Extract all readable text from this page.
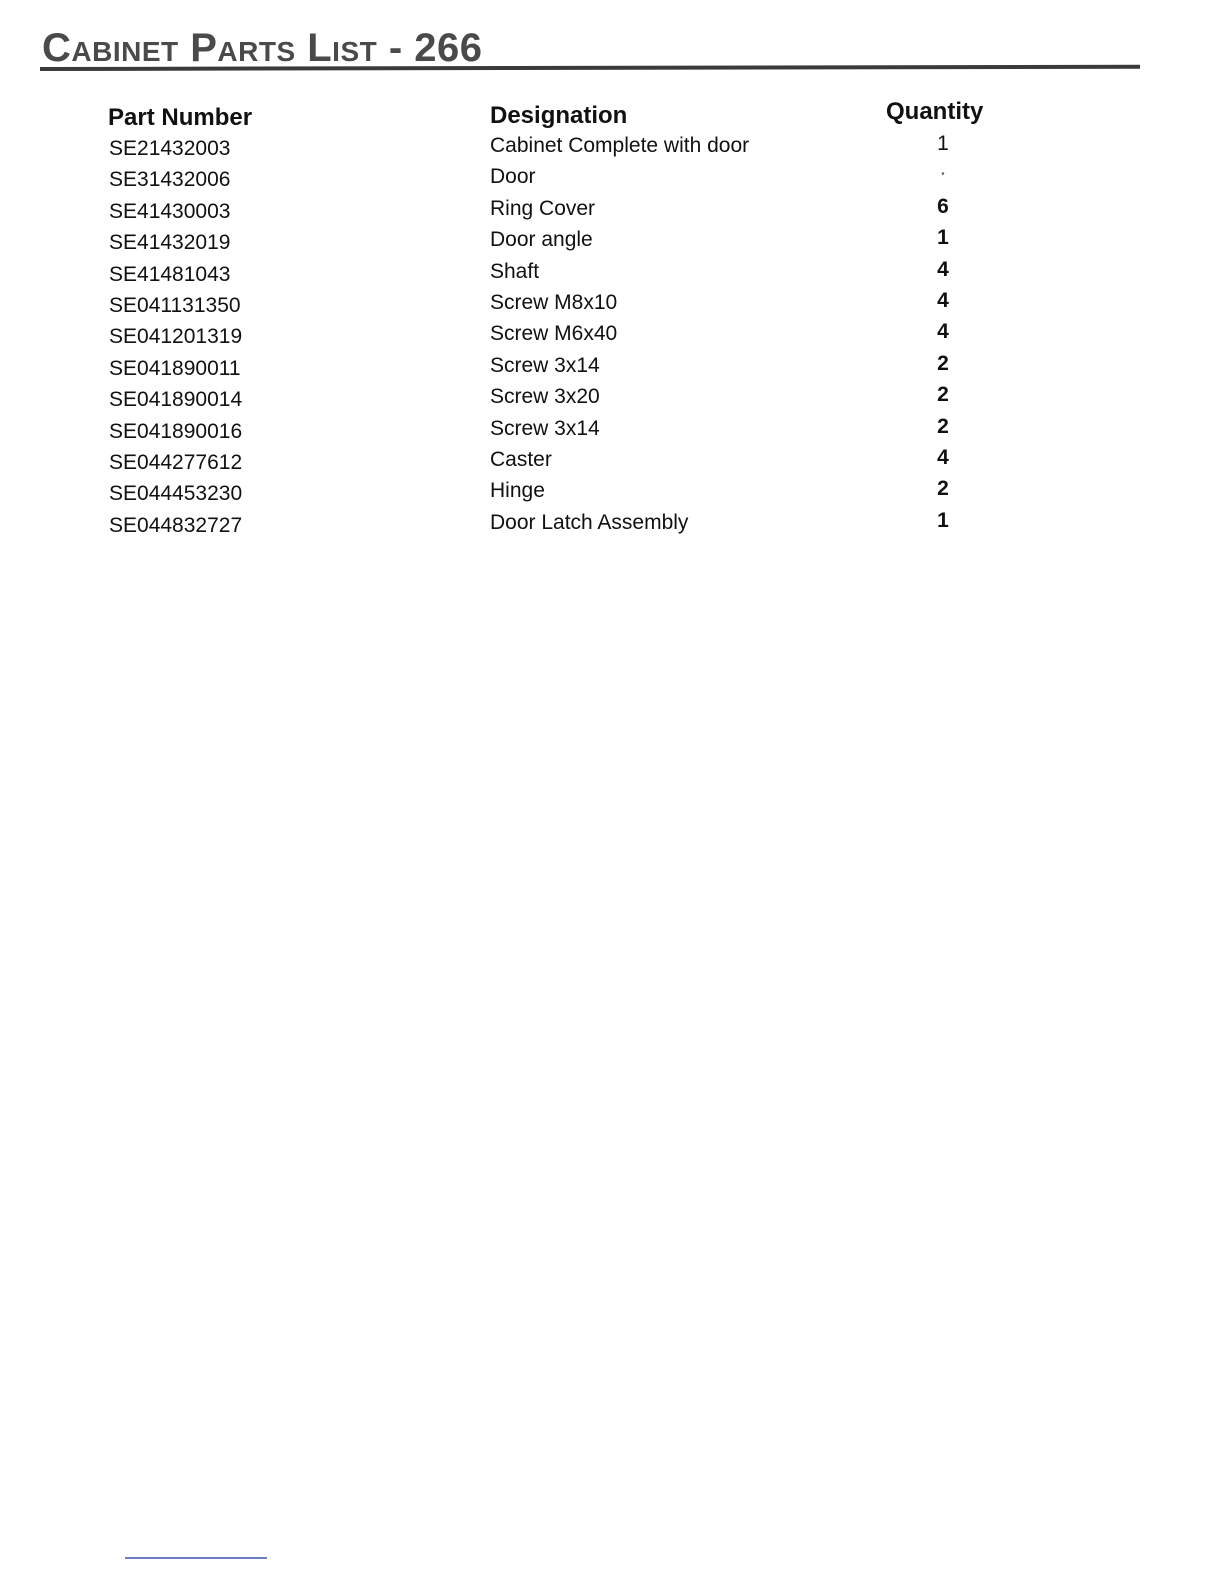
Cabinet Parts List - 266
Part Number	Designation	Quantity
SE21432003	Cabinet Complete with door	1
SE31432006	Door	˕
SE41430003	Ring Cover	6
SE41432019	Door angle	1
SE41481043	Shaft	4
SE041131350	Screw M8x10	4
SE041201319	Screw M6x40	4
SE041890011	Screw 3x14	2
SE041890014	Screw 3x20	2
SE041890016	Screw 3x14	2
SE044277612	Caster	4
SE044453230	Hinge	2
SE044832727	Door Latch Assembly	1
